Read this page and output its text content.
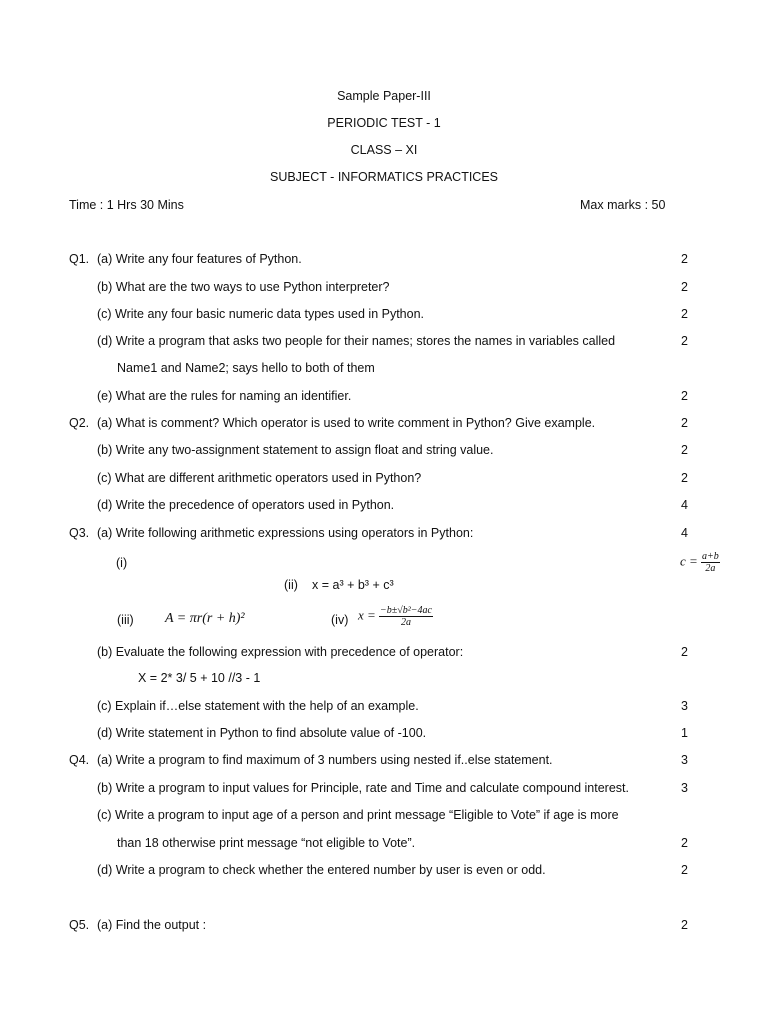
Sample Paper-III
PERIODIC TEST - 1
CLASS – XI
SUBJECT - INFORMATICS PRACTICES
Time : 1 Hrs 30 Mins	Max marks : 50
Q1. (a) Write any four features of Python.	2
(b) What are the two ways to use Python interpreter?	2
(c) Write any four basic numeric data types used in Python.	2
(d) Write a program that asks two people for their names; stores the names in variables called	2
Name1 and Name2; says hello to both of them
(e) What are the rules for naming an identifier.	2
Q2. (a) What is comment? Which operator is used to write comment in Python? Give example.	2
(b) Write any two-assignment statement to assign float and string value.	2
(c) What are different arithmetic operators used in Python?	2
(d) Write the precedence of operators used in Python.	4
Q3. (a) Write following arithmetic expressions using operators in Python:	4
(i)	$c = \frac{a+b}{2a}$
(ii) x = a³ + b³ + c³
(iii) A = πr(r + h)²	(iv) $x = \frac{\text{−b±√b²−4ac}}{2a}$
(b) Evaluate the following expression with precedence of operator:	2
X = 2* 3/ 5 + 10 //3 - 1
(c) Explain if…else statement with the help of an example.	3
(d) Write statement in Python to find absolute value of -100.	1
Q4. (a) Write a program to find maximum of 3 numbers using nested if..else statement.	3
(b) Write a program to input values for Principle, rate and Time and calculate compound interest.	3
(c) Write a program to input age of a person and print message “Eligible to Vote” if age is more
than 18 otherwise print message “not eligible to Vote”.	2
(d) Write a program to check whether the entered number by user is even or odd.	2
Q5. (a) Find the output :	2
